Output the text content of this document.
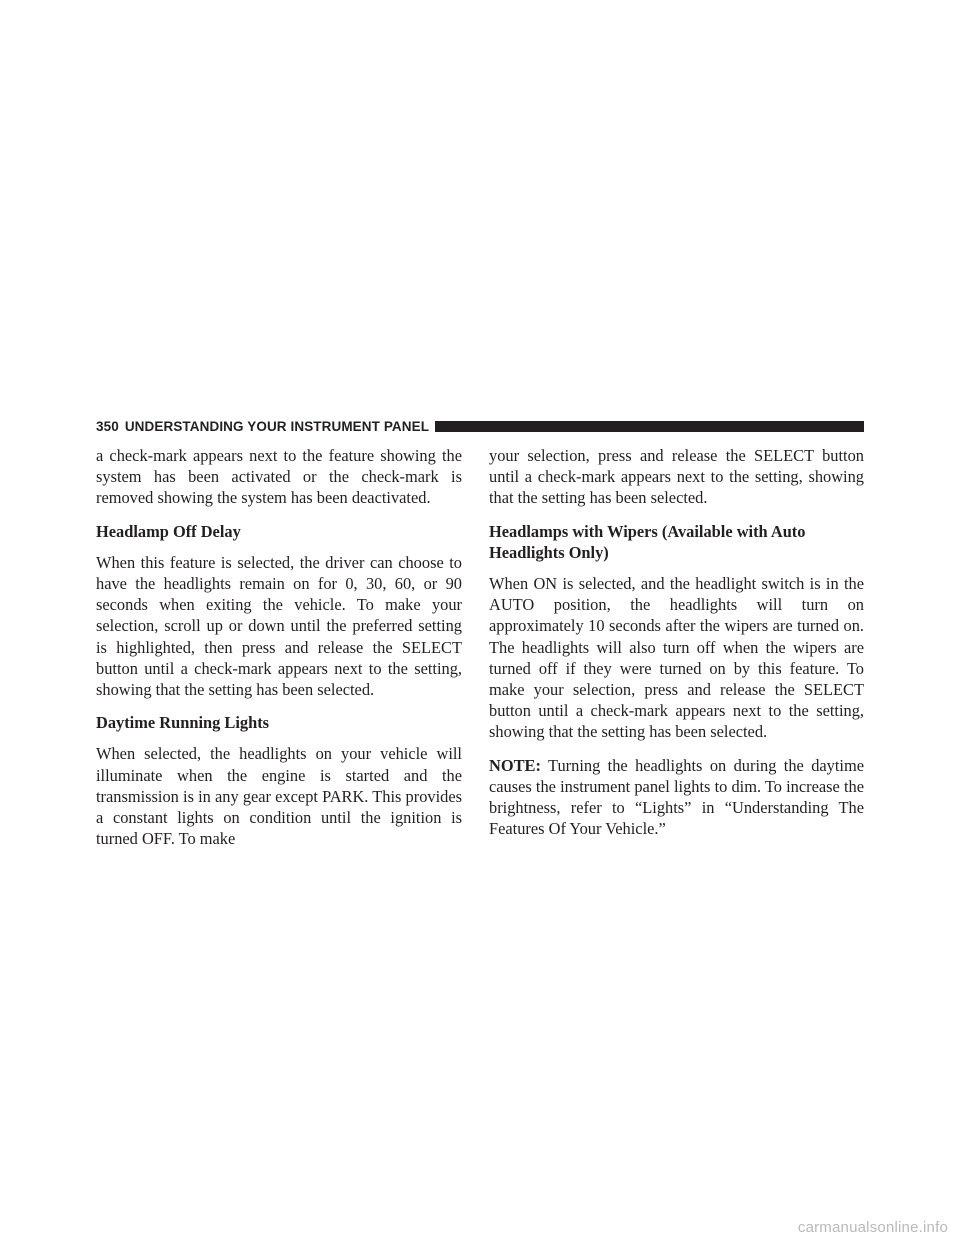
350 UNDERSTANDING YOUR INSTRUMENT PANEL

a check-mark appears next to the feature showing the system has been activated or the check-mark is removed showing the system has been deactivated.

Headlamp Off Delay

When this feature is selected, the driver can choose to have the headlights remain on for 0, 30, 60, or 90 seconds when exiting the vehicle. To make your selection, scroll up or down until the preferred setting is highlighted, then press and release the SELECT button until a check-mark appears next to the setting, showing that the setting has been selected.

Daytime Running Lights

When selected, the headlights on your vehicle will illuminate when the engine is started and the transmission is in any gear except PARK. This provides a constant lights on condition until the ignition is turned OFF. To make

your selection, press and release the SELECT button until a check-mark appears next to the setting, showing that the setting has been selected.

Headlamps with Wipers (Available with Auto Headlights Only)

When ON is selected, and the headlight switch is in the AUTO position, the headlights will turn on approximately 10 seconds after the wipers are turned on. The headlights will also turn off when the wipers are turned off if they were turned on by this feature. To make your selection, press and release the SELECT button until a check-mark appears next to the setting, showing that the setting has been selected.

NOTE: Turning the headlights on during the daytime causes the instrument panel lights to dim. To increase the brightness, refer to “Lights” in “Understanding The Features Of Your Vehicle.”

carmanualsonline.info
